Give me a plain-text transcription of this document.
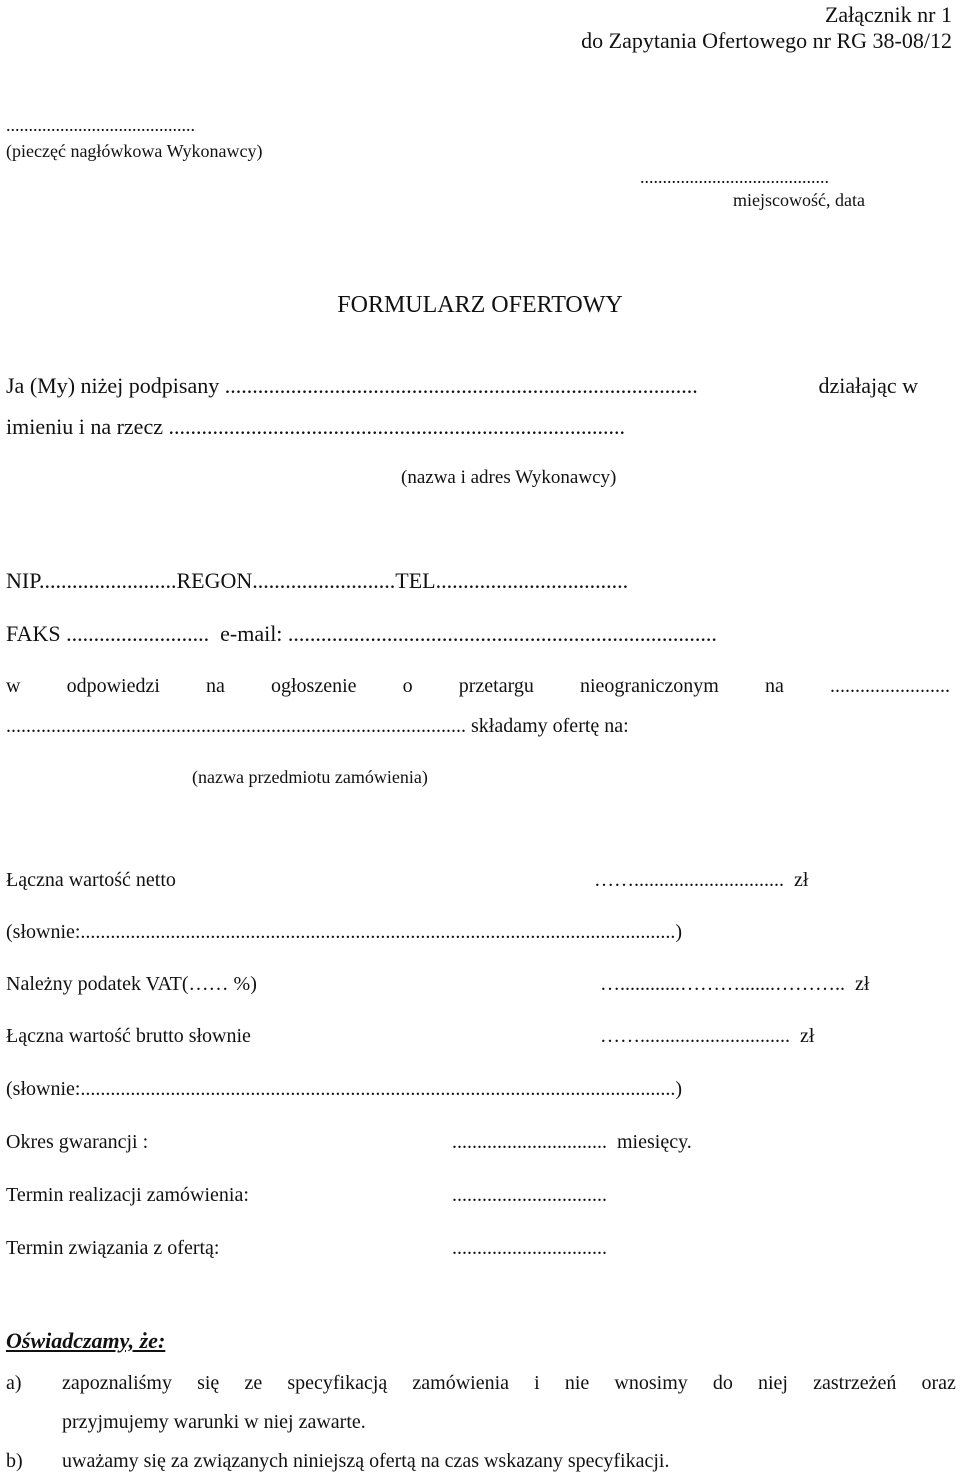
Załącznik nr 1
do Zapytania Ofertowego nr RG 38-08/12
..........................................
(pieczęć nagłówkowa Wykonawcy)
..........................................
miejscowość, data
FORMULARZ OFERTOWY
Ja (My) niżej podpisany ......................................................................................	działając w
imieniu i na rzecz ...................................................................................
(nazwa i adres Wykonawcy)
NIP.........................REGON..........................TEL...................................
FAKS ..........................  e-mail: ..............................................................................
w odpowiedzi na ogłoszenie o przetargu nieograniczonym na ........................
............................................................................................ składamy ofertę na:
(nazwa przedmiotu zamówienia)
Łączna wartość netto	……..............................  zł
(słownie:.......................................................................................................................)
Należny podatek VAT(…… %)	…............……….......………..  zł
Łączna wartość brutto słownie	……..............................  zł
(słownie:.......................................................................................................................)
Okres gwarancji :	...............................  miesięcy.
Termin realizacji zamówienia:	...............................
Termin związania z ofertą:	...............................
Oświadczamy, że:
a) zapoznaliśmy się ze specyfikacją zamówienia i nie wnosimy do niej zastrzeżeń oraz
przyjmujemy warunki w niej zawarte.
b) uważamy się za związanych niniejszą ofertą na czas wskazany specyfikacji.
